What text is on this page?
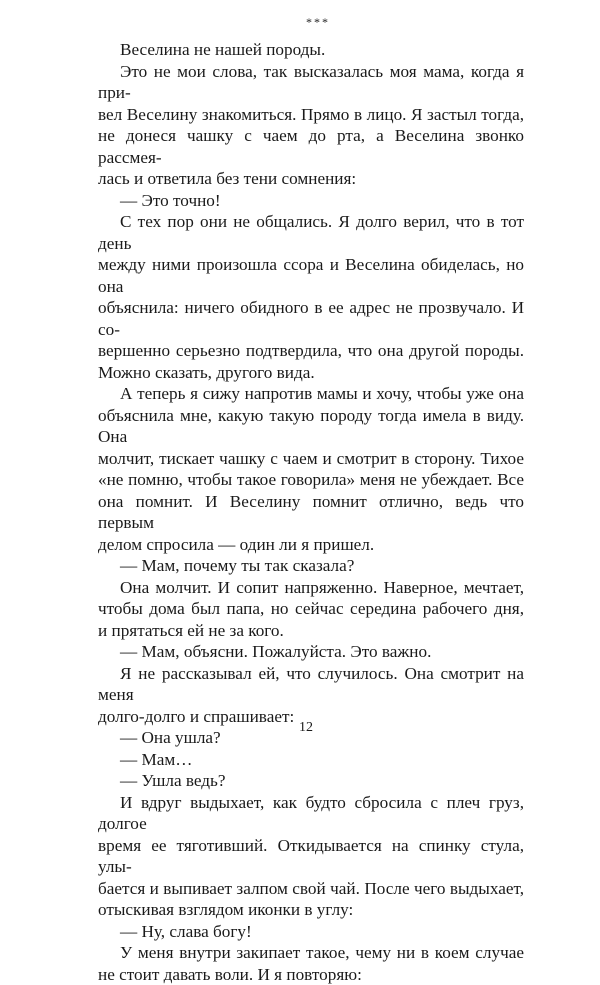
***
Веселина не нашей породы.
Это не мои слова, так высказалась моя мама, когда я при-
вел Веселину знакомиться. Прямо в лицо. Я застыл тогда,
не донеся чашку с чаем до рта, а Веселина звонко рассмея-
лась и ответила без тени сомнения:
— Это точно!
С тех пор они не общались. Я долго верил, что в тот день
между ними произошла ссора и Веселина обиделась, но она
объяснила: ничего обидного в ее адрес не прозвучало. И со-
вершенно серьезно подтвердила, что она другой породы.
Можно сказать, другого вида.
А теперь я сижу напротив мамы и хочу, чтобы уже она
объяснила мне, какую такую породу тогда имела в виду. Она
молчит, тискает чашку с чаем и смотрит в сторону. Тихое
«не помню, чтобы такое говорила» меня не убеждает. Все
она помнит. И Веселину помнит отлично, ведь что первым
делом спросила — один ли я пришел.
— Мам, почему ты так сказала?
Она молчит. И сопит напряженно. Наверное, мечтает,
чтобы дома был папа, но сейчас середина рабочего дня,
и прятаться ей не за кого.
— Мам, объясни. Пожалуйста. Это важно.
Я не рассказывал ей, что случилось. Она смотрит на меня
долго-долго и спрашивает:
— Она ушла?
— Мам…
— Ушла ведь?
И вдруг выдыхает, как будто сбросила с плеч груз, долгое
время ее тяготивший. Откидывается на спинку стула, улы-
бается и выпивает залпом свой чай. После чего выдыхает,
отыскивая взглядом иконки в углу:
— Ну, слава богу!
У меня внутри закипает такое, чему ни в коем случае
не стоит давать воли. И я повторяю:
12
